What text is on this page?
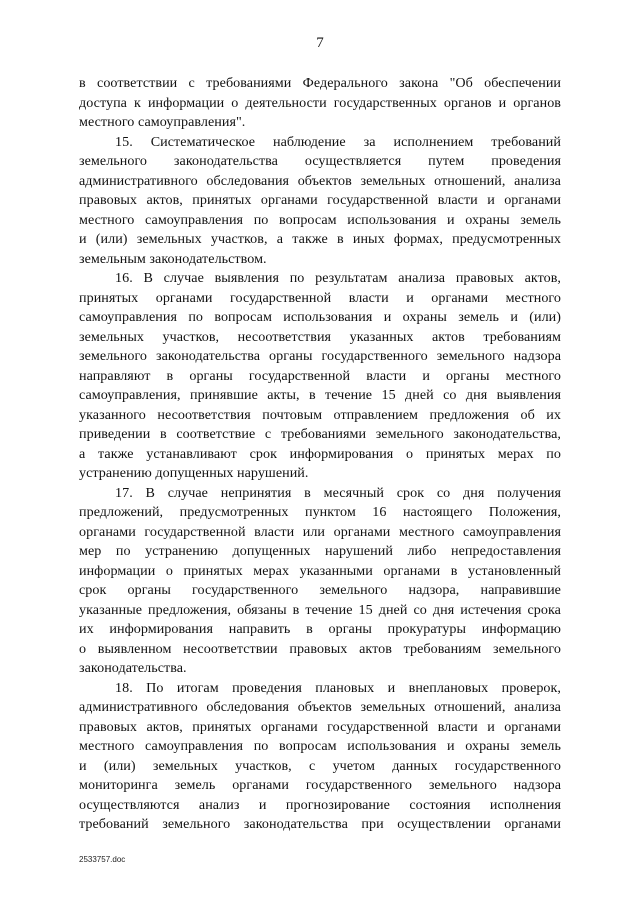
7
в соответствии с требованиями Федерального закона "Об обеспечении
доступа к информации о деятельности государственных органов и органов
местного самоуправления".
15. Систематическое наблюдение за исполнением требований
земельного законодательства осуществляется путем проведения
административного обследования объектов земельных отношений, анализа
правовых актов, принятых органами государственной власти и органами
местного самоуправления по вопросам использования и охраны земель
и (или) земельных участков, а также в иных формах, предусмотренных
земельным законодательством.
16. В случае выявления по результатам анализа правовых актов,
принятых органами государственной власти и органами местного
самоуправления по вопросам использования и охраны земель и (или)
земельных участков, несоответствия указанных актов требованиям
земельного законодательства органы государственного земельного надзора
направляют в органы государственной власти и органы местного
самоуправления, принявшие акты, в течение 15 дней со дня выявления
указанного несоответствия почтовым отправлением предложения об их
приведении в соответствие с требованиями земельного законодательства,
а также устанавливают срок информирования о принятых мерах по
устранению допущенных нарушений.
17. В случае непринятия в месячный срок со дня получения
предложений, предусмотренных пунктом 16 настоящего Положения,
органами государственной власти или органами местного самоуправления
мер по устранению допущенных нарушений либо непредоставления
информации о принятых мерах указанными органами в установленный
срок органы государственного земельного надзора, направившие
указанные предложения, обязаны в течение 15 дней со дня истечения срока
их информирования направить в органы прокуратуры информацию
о выявленном несоответствии правовых актов требованиям земельного
законодательства.
18. По итогам проведения плановых и внеплановых проверок,
административного обследования объектов земельных отношений, анализа
правовых актов, принятых органами государственной власти и органами
местного самоуправления по вопросам использования и охраны земель
и (или) земельных участков, с учетом данных государственного
мониторинга земель органами государственного земельного надзора
осуществляются анализ и прогнозирование состояния исполнения
требований земельного законодательства при осуществлении органами
2533757.doc
